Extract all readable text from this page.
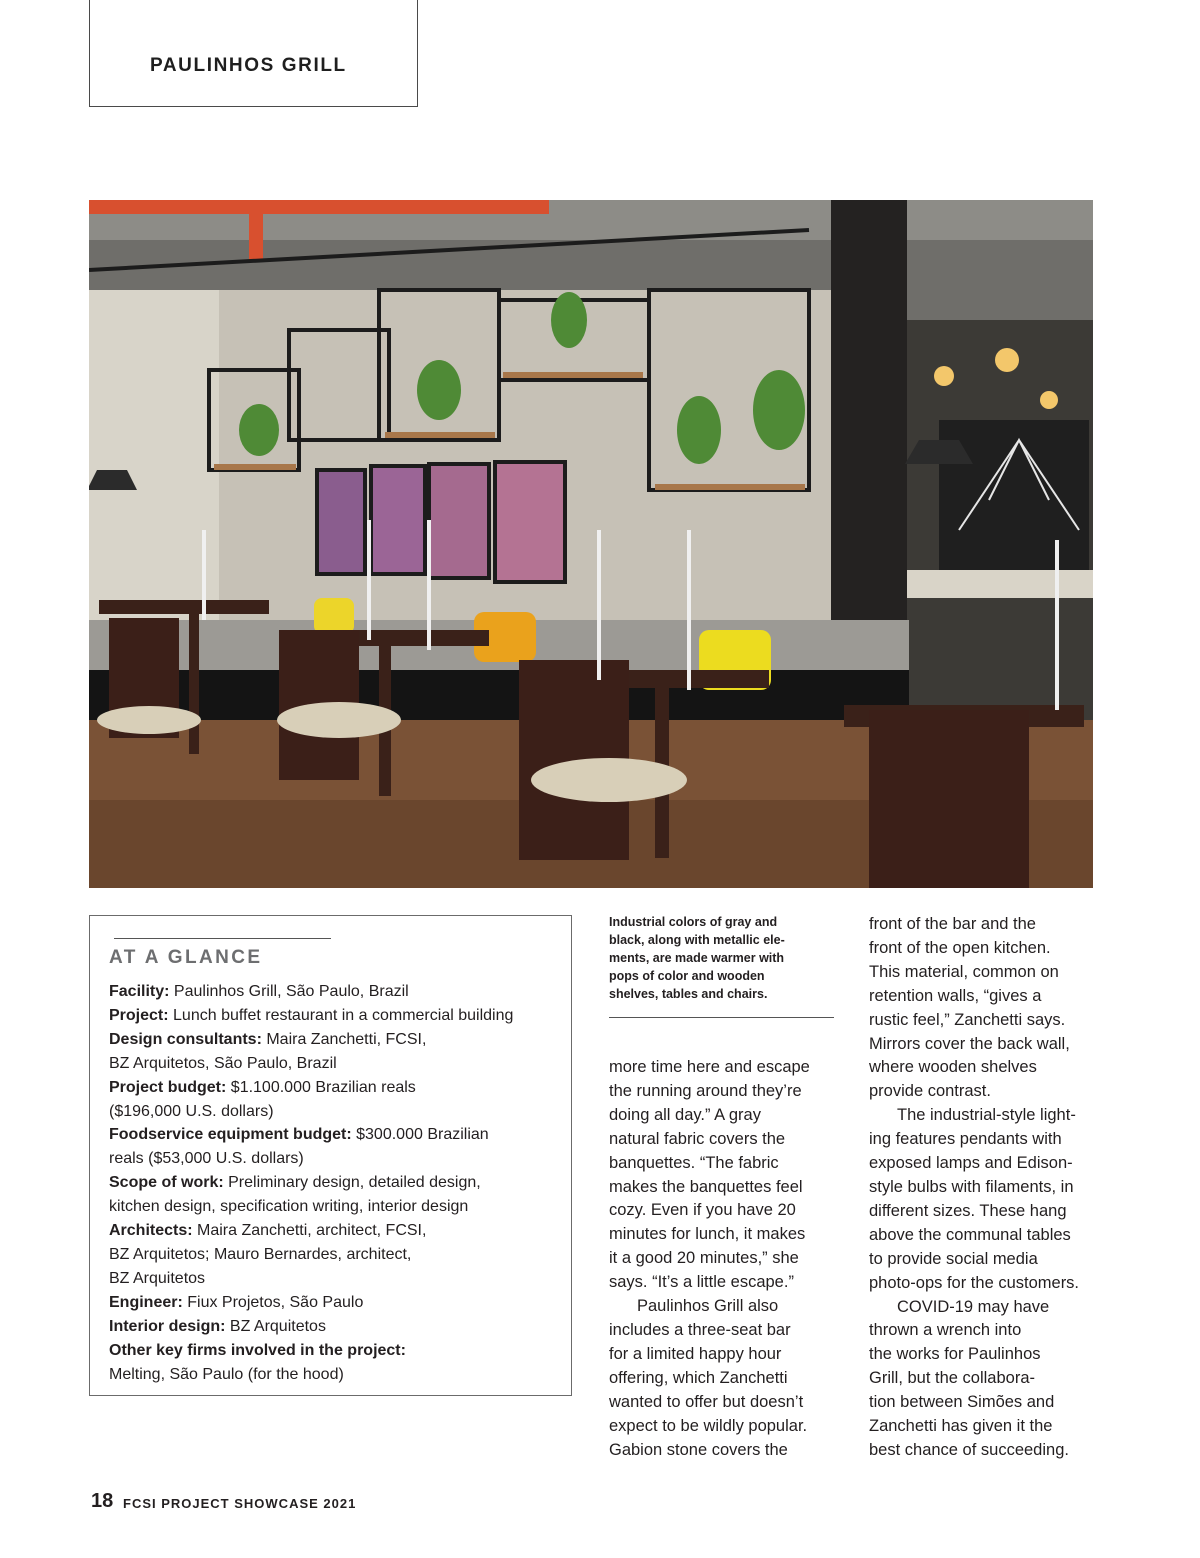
PAULINHOS GRILL
AT A GLANCE
Facility: Paulinhos Grill, São Paulo, Brazil
Project: Lunch buffet restaurant in a commercial building
Design consultants: Maira Zanchetti, FCSI,
BZ Arquitetos, São Paulo, Brazil
Project budget: $1.100.000 Brazilian reals
($196,000 U.S. dollars)
Foodservice equipment budget: $300.000 Brazilian
reals ($53,000 U.S. dollars)
Scope of work: Preliminary design, detailed design,
kitchen design, specification writing, interior design
Architects: Maira Zanchetti, architect, FCSI,
BZ Arquitetos; Mauro Bernardes, architect,
BZ Arquitetos
Engineer: Fiux Projetos, São Paulo
Interior design: BZ Arquitetos
Other key firms involved in the project:
Melting, São Paulo (for the hood)
Industrial colors of gray and
black, along with metallic ele-
ments, are made warmer with
pops of color and wooden
shelves, tables and chairs.
more time here and escape
the running around they’re
doing all day.” A gray
natural fabric covers the
banquettes. “The fabric
makes the banquettes feel
cozy. Even if you have 20
minutes for lunch, it makes
it a good 20 minutes,” she
says. “It’s a little escape.”
Paulinhos Grill also
includes a three-seat bar
for a limited happy hour
offering, which Zanchetti
wanted to offer but doesn’t
expect to be wildly popular.
Gabion stone covers the
front of the bar and the
front of the open kitchen.
This material, common on
retention walls, “gives a
rustic feel,” Zanchetti says.
Mirrors cover the back wall,
where wooden shelves
provide contrast.
The industrial-style light-
ing features pendants with
exposed lamps and Edison-
style bulbs with filaments, in
different sizes. These hang
above the communal tables
to provide social media
photo-ops for the customers.
COVID-19 may have
thrown a wrench into
the works for Paulinhos
Grill, but the collabora-
tion between Simões and
Zanchetti has given it the
best chance of succeeding.
18 FCSI PROJECT SHOWCASE 2021
